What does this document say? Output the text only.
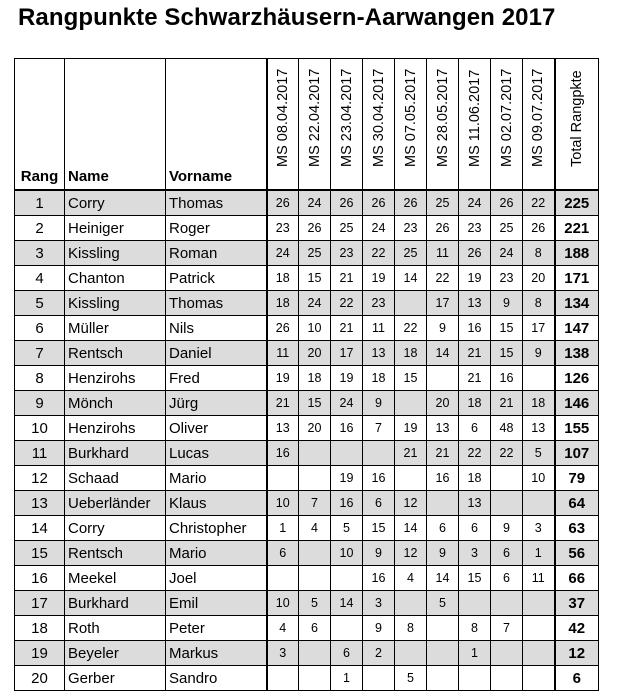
Rangpunkte Schwarzhäusern-Aarwangen 2017
Rang	Name	Vorname	MS 08.04.2017	MS 22.04.2017	MS 23.04.2017	MS 30.04.2017	MS 07.05.2017	MS 28.05.2017	MS 11.06.2017	MS 02.07.2017	MS 09.07.2017	Total Rangpkte

1	Corry	Thomas	26	24	26	26	26	25	24	26	22	225
2	Heiniger	Roger	23	26	25	24	23	26	23	25	26	221
3	Kissling	Roman	24	25	23	22	25	11	26	24	8	188
4	Chanton	Patrick	18	15	21	19	14	22	19	23	20	171
5	Kissling	Thomas	18	24	22	23		17	13	9	8	134
6	Müller	Nils	26	10	21	11	22	9	16	15	17	147
7	Rentsch	Daniel	11	20	17	13	18	14	21	15	9	138
8	Henzirohs	Fred	19	18	19	18	15		21	16		126
9	Mönch	Jürg	21	15	24	9		20	18	21	18	146
10	Henzirohs	Oliver	13	20	16	7	19	13	6	48	13	155
11	Burkhard	Lucas	16				21	21	22	22	5	107
12	Schaad	Mario			19	16		16	18		10	79
13	Ueberländer	Klaus	10	7	16	6	12		13			64
14	Corry	Christopher	1	4	5	15	14	6	6	9	3	63
15	Rentsch	Mario	6		10	9	12	9	3	6	1	56
16	Meekel	Joel				16	4	14	15	6	11	66
17	Burkhard	Emil	10	5	14	3		5				37
18	Roth	Peter	4	6		9	8		8	7		42
19	Beyeler	Markus	3		6	2			1			12
20	Gerber	Sandro			1		5					6
